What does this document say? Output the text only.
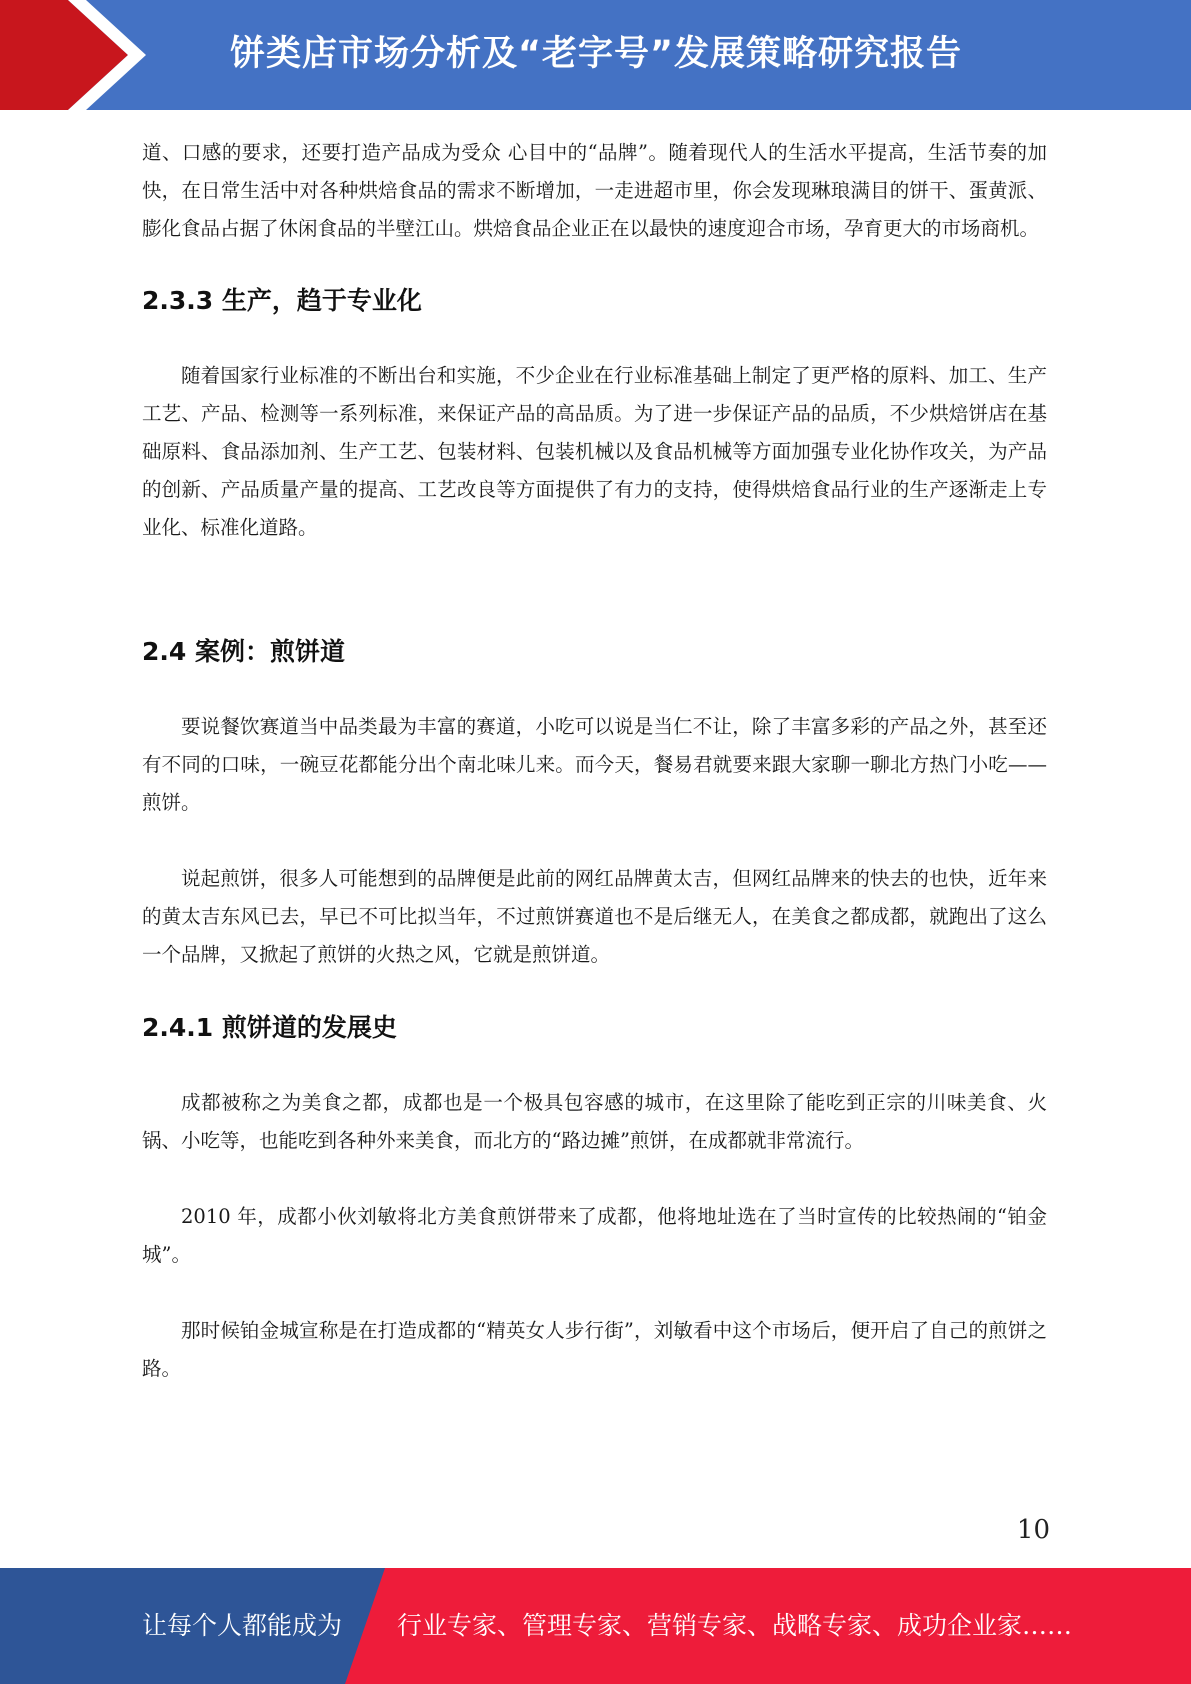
饼类店市场分析及“老字号”发展策略研究报告

道、口感的要求，还要打造产品成为受众 心目中的“品牌”。随着现代人的生活水平提高，生活节奏的加快，在日常生活中对各种烘焙食品的需求不断增加，一走进超市里，你会发现琳琅满目的饼干、蛋黄派、膨化食品占据了休闲食品的半壁江山。烘焙食品企业正在以最快的速度迎合市场，孕育更大的市场商机。

2.3.3 生产，趋于专业化

随着国家行业标准的不断出台和实施，不少企业在行业标准基础上制定了更严格的原料、加工、生产工艺、产品、检测等一系列标准，来保证产品的高品质。为了进一步保证产品的品质，不少烘焙饼店在基础原料、食品添加剂、生产工艺、包装材料、包装机械以及食品机械等方面加强专业化协作攻关，为产品的创新、产品质量产量的提高、工艺改良等方面提供了有力的支持，使得烘焙食品行业的生产逐渐走上专业化、标准化道路。

2.4 案例：煎饼道

要说餐饮赛道当中品类最为丰富的赛道，小吃可以说是当仁不让，除了丰富多彩的产品之外，甚至还有不同的口味，一碗豆花都能分出个南北味儿来。而今天，餐易君就要来跟大家聊一聊北方热门小吃——煎饼。

说起煎饼，很多人可能想到的品牌便是此前的网红品牌黄太吉，但网红品牌来的快去的也快，近年来的黄太吉东风已去，早已不可比拟当年，不过煎饼赛道也不是后继无人，在美食之都成都，就跑出了这么一个品牌，又掀起了煎饼的火热之风，它就是煎饼道。

2.4.1 煎饼道的发展史

成都被称之为美食之都，成都也是一个极具包容感的城市，在这里除了能吃到正宗的川味美食、火锅、小吃等，也能吃到各种外来美食，而北方的“路边摊”煎饼，在成都就非常流行。

2010 年，成都小伙刘敏将北方美食煎饼带来了成都，他将地址选在了当时宣传的比较热闹的“铂金城”。

那时候铂金城宣称是在打造成都的“精英女人步行街”，刘敏看中这个市场后，便开启了自己的煎饼之路。

10
让每个人都能成为 行业专家、管理专家、营销专家、战略专家、成功企业家……
